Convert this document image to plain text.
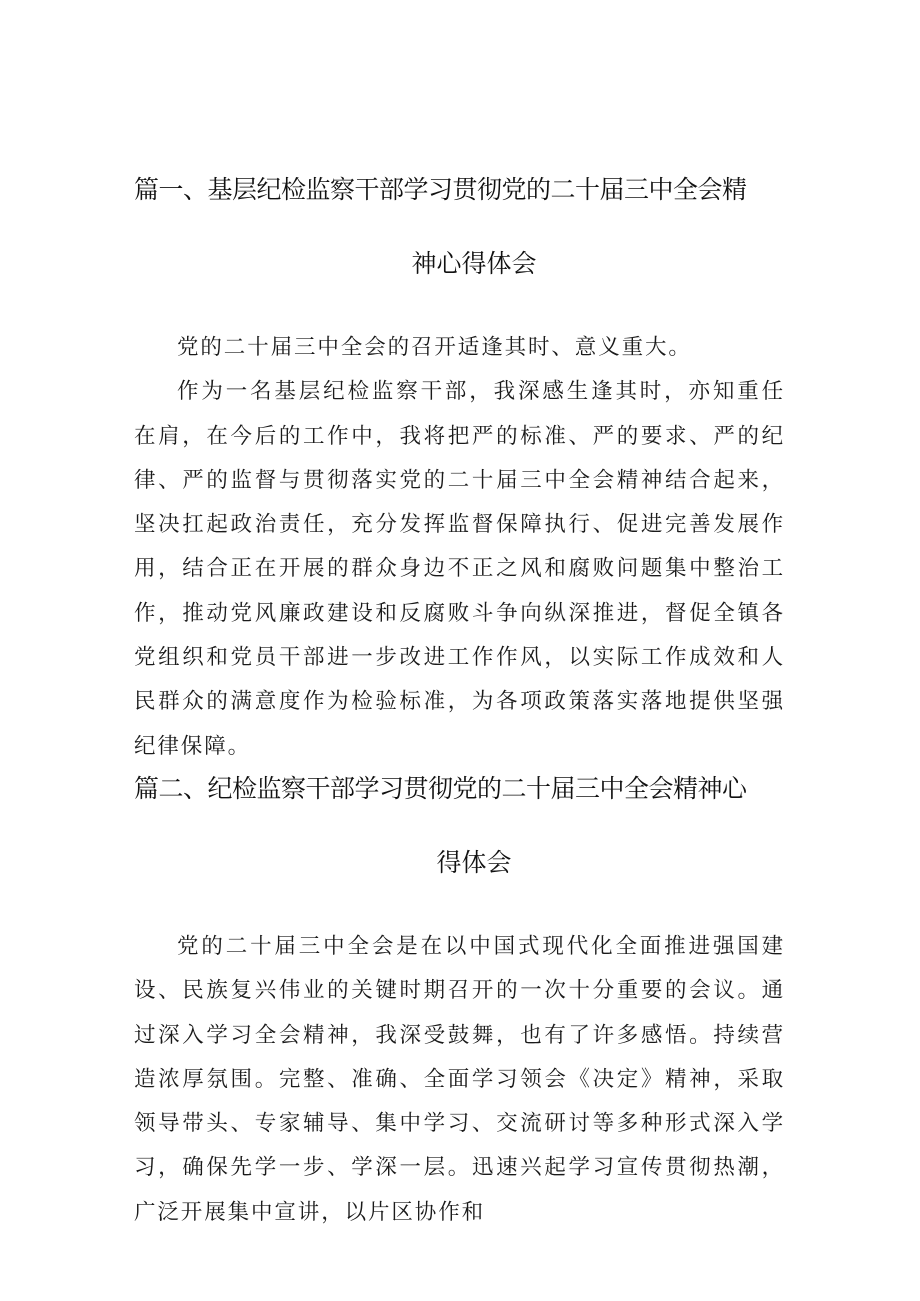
篇一、基层纪检监察干部学习贯彻党的二十届三中全会精
神心得体会

党的二十届三中全会的召开适逢其时、意义重大。

作为一名基层纪检监察干部，我深感生逢其时，亦知重任在肩，在今后的工作中，我将把严的标准、严的要求、严的纪律、严的监督与贯彻落实党的二十届三中全会精神结合起来，坚决扛起政治责任，充分发挥监督保障执行、促进完善发展作用，结合正在开展的群众身边不正之风和腐败问题集中整治工作，推动党风廉政建设和反腐败斗争向纵深推进，督促全镇各党组织和党员干部进一步改进工作作风，以实际工作成效和人民群众的满意度作为检验标准，为各项政策落实落地提供坚强纪律保障。

篇二、纪检监察干部学习贯彻党的二十届三中全会精神心
得体会

党的二十届三中全会是在以中国式现代化全面推进强国建设、民族复兴伟业的关键时期召开的一次十分重要的会议。通过深入学习全会精神，我深受鼓舞，也有了许多感悟。持续营造浓厚氛围。完整、准确、全面学习领会《决定》精神，采取领导带头、专家辅导、集中学习、交流研讨等多种形式深入学习，确保先学一步、学深一层。迅速兴起学习宣传贯彻热潮，广泛开展集中宣讲，以片区协作和
